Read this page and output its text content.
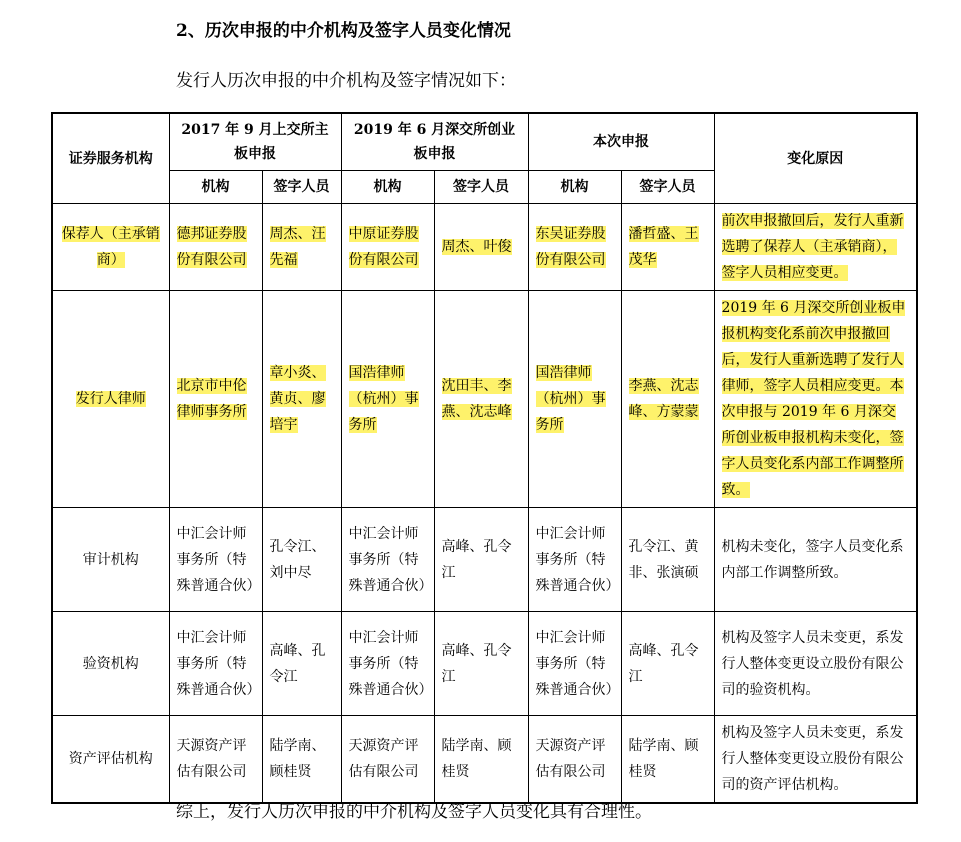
2、历次申报的中介机构及签字人员变化情况
发行人历次申报的中介机构及签字情况如下：
证券服务机构	2017 年 9 月上交所主板申报		2019 年 6 月深交所创业板申报		本次申报		变化原因
	机构	签字人员	机构	签字人员	机构	签字人员	
保荐人（主承销商）	德邦证券股份有限公司	周杰、汪先福	中原证券股份有限公司	周杰、叶俊	东吴证券股份有限公司	潘哲盛、王茂华	前次申报撤回后，发行人重新选聘了保荐人（主承销商），签字人员相应变更。
发行人律师	北京市中伦律师事务所	章小炎、黄贞、廖培宇	国浩律师（杭州）事务所	沈田丰、李燕、沈志峰	国浩律师（杭州）事务所	李燕、沈志峰、方蒙蒙	2019 年 6 月深交所创业板申报机构变化系前次申报撤回后，发行人重新选聘了发行人律师，签字人员相应变更。本次申报与 2019 年 6 月深交所创业板申报机构未变化，签字人员变化系内部工作调整所致。
审计机构	中汇会计师事务所（特殊普通合伙）	孔令江、刘中尽	中汇会计师事务所（特殊普通合伙）	高峰、孔令江	中汇会计师事务所（特殊普通合伙）	孔令江、黄非、张演硕	机构未变化，签字人员变化系内部工作调整所致。
验资机构	中汇会计师事务所（特殊普通合伙）	高峰、孔令江	中汇会计师事务所（特殊普通合伙）	高峰、孔令江	中汇会计师事务所（特殊普通合伙）	高峰、孔令江	机构及签字人员未变更，系发行人整体变更设立股份有限公司的验资机构。
资产评估机构	天源资产评估有限公司	陆学南、顾桂贤	天源资产评估有限公司	陆学南、顾桂贤	天源资产评估有限公司	陆学南、顾桂贤	机构及签字人员未变更，系发行人整体变更设立股份有限公司的资产评估机构。
综上，发行人历次申报的中介机构及签字人员变化具有合理性。
